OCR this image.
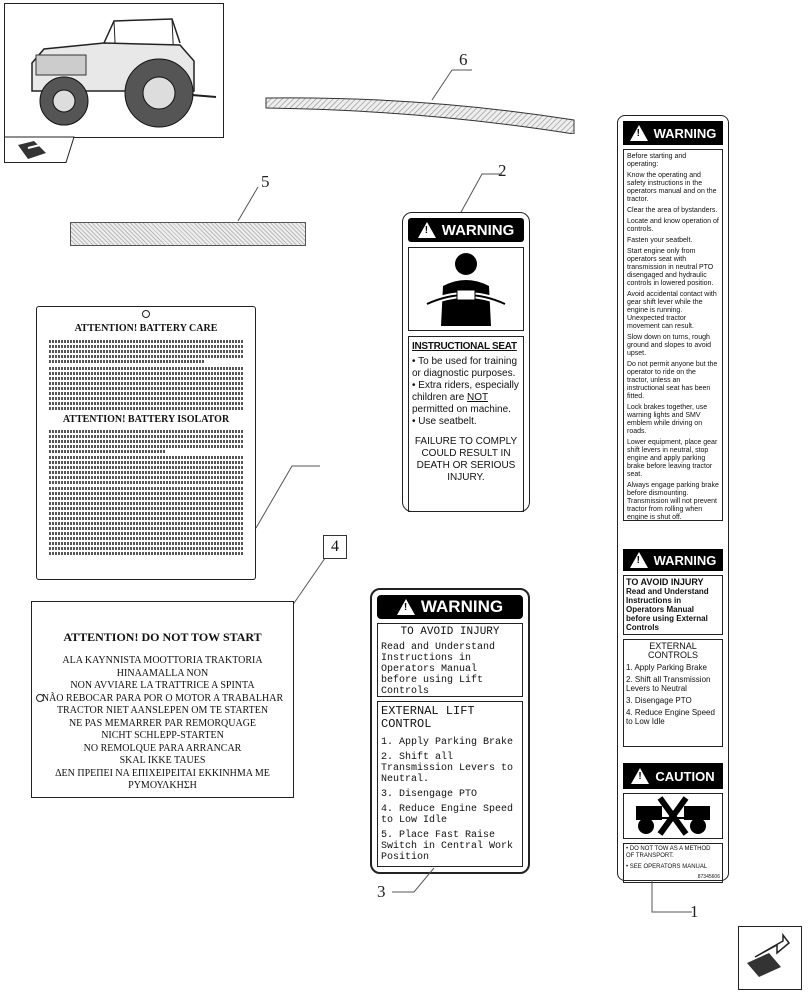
6
5
2
!
WARNING
INSTRUCTIONAL SEAT
• To be used for training or diagnostic purposes.
• Extra riders, especially children are NOT permitted on machine.
• Use seatbelt.
FAILURE TO COMPLY COULD RESULT IN DEATH OR SERIOUS INJURY.
!
WARNING
Before starting and operating:
Know the operating and safety instructions in the operators manual and on the tractor.
Clear the area of bystanders.
Locate and know operation of controls.
Fasten your seatbelt.
Start engine only from operators seat with transmission in neutral PTO disengaged and hydraulic controls in lowered position.
Avoid accidental contact with gear shift lever while the engine is running. Unexpected tractor movement can result.
Slow down on turns, rough ground and slopes to avoid upset.
Do not permit anyone but the operator to ride on the tractor, unless an instructional seat has been fitted.
Lock brakes together, use warning lights and SMV emblem while driving on roads.
Lower equipment, place gear shift levers in neutral, stop engine and apply parking brake before leaving tractor seat.
Always engage parking brake before dismounting. Transmission will not prevent tractor from rolling when engine is shut off.
!
WARNING
TO AVOID INJURY
Read and Understand Instructions in Operators Manual before using External Controls
EXTERNAL CONTROLS
1. Apply Parking Brake
2. Shift all Transmission Levers to Neutral
3. Disengage PTO
4. Reduce Engine Speed to Low Idle
!
CAUTION
• DO NOT TOW AS A METHOD OF TRANSPORT.
• SEE OPERATORS MANUAL
87345606
1
ATTENTION! BATTERY CARE
ATTENTION! BATTERY ISOLATOR
4
ATTENTION! DO NOT TOW START
ALA KAYNNISTA MOOTTORIA TRAKTORIA HINAAMALLA NON
NON AVVIARE LA TRATTRICE A SPINTA
NÃO REBOCAR PARA POR O MOTOR A TRABALHAR
TRACTOR NIET AANSLEPEN OM TE STARTEN
NE PAS MEMARRER PAR REMORQUAGE
NICHT SCHLEPP-STARTEN
NO REMOLQUE PARA ARRANCAR
SKAL IKKE TAUES
ΔΕΝ ΠΡΕΠΕΙ ΝΑ ΕΠΙΧΕΙΡΕΙΤΑΙ ΕΚΚΙΝΗΜΑ ΜΕ ΡΥΜΟΥΛΚΗΣΗ
!
WARNING
TO AVOID INJURY
Read and Understand Instructions in Operators Manual before using Lift Controls
EXTERNAL LIFT CONTROL
1. Apply Parking Brake
2. Shift all Transmission Levers to Neutral.
3. Disengage PTO
4. Reduce Engine Speed to Low Idle
5. Place Fast Raise Switch in Central Work Position
3
